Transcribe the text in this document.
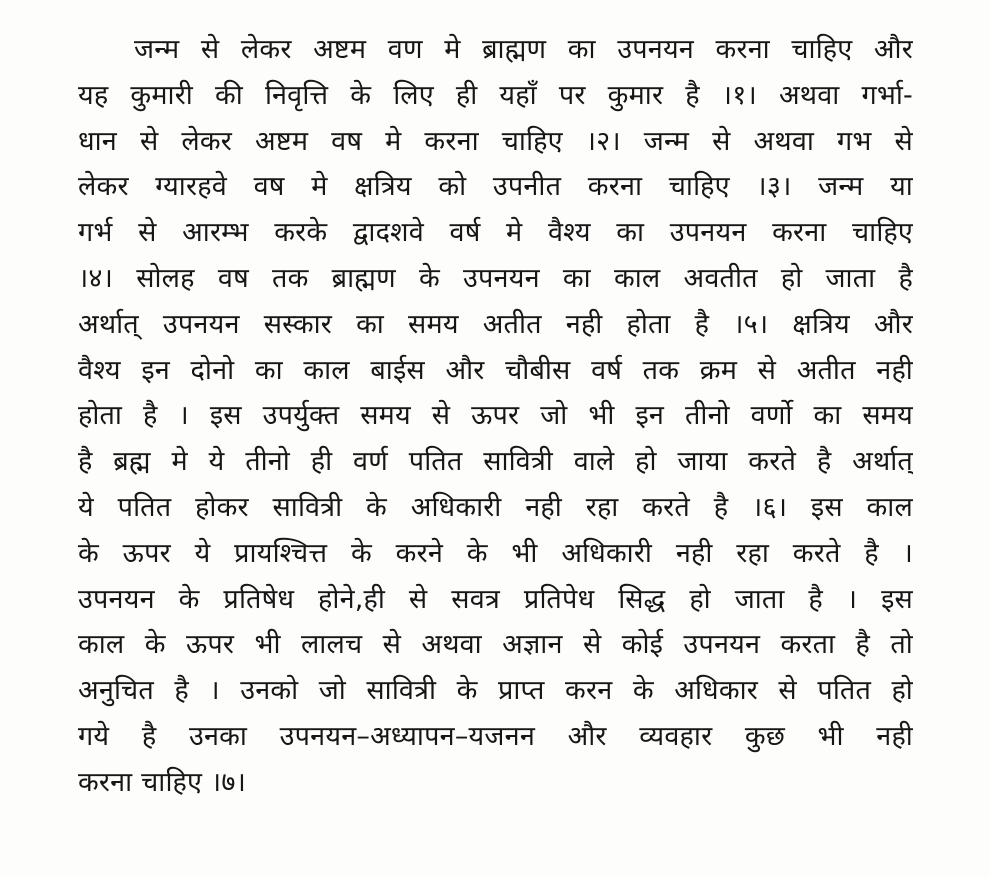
जन्म से लेकर अष्टम वण मे ब्राह्मण का उपनयन करना चाहिए और
यह कुमारी की निवृत्ति के लिए ही यहाँ पर कुमार है ।१। अथवा गर्भा-
धान से लेकर अष्टम वष मे करना चाहिए ।२। जन्म से अथवा गभ से
लेकर ग्यारहवे वष मे क्षत्रिय को उपनीत करना चाहिए ।३। जन्म या
गर्भ से आरम्भ करके द्वादशवे वर्ष मे वैश्य का उपनयन करना चाहिए
।४। सोलह वष तक ब्राह्मण के उपनयन का काल अवतीत हो जाता है
अर्थात् उपनयन सस्कार का समय अतीत नही होता है ।५। क्षत्रिय और
वैश्य इन दोनो का काल बाईस और चौबीस वर्ष तक क्रम से अतीत नही
होता है । इस उपर्युक्त समय से ऊपर जो भी इन तीनो वर्णो का समय
है ब्रह्म मे ये तीनो ही वर्ण पतित सावित्री वाले हो जाया करते है अर्थात्
ये पतित होकर सावित्री के अधिकारी नही रहा करते है ।६। इस काल
के ऊपर ये प्रायश्चित्त के करने के भी अधिकारी नही रहा करते है ।
उपनयन के प्रतिषेध होने,ही से सवत्र प्रतिपेध सिद्ध हो जाता है । इस
काल के ऊपर भी लालच से अथवा अज्ञान से कोई उपनयन करता है तो
अनुचित है । उनको जो सावित्री के प्राप्त करन के अधिकार से पतित हो
गये है उनका उपनयन–अध्यापन–यजनन और व्यवहार कुछ भी नही
करना चाहिए ।७।
